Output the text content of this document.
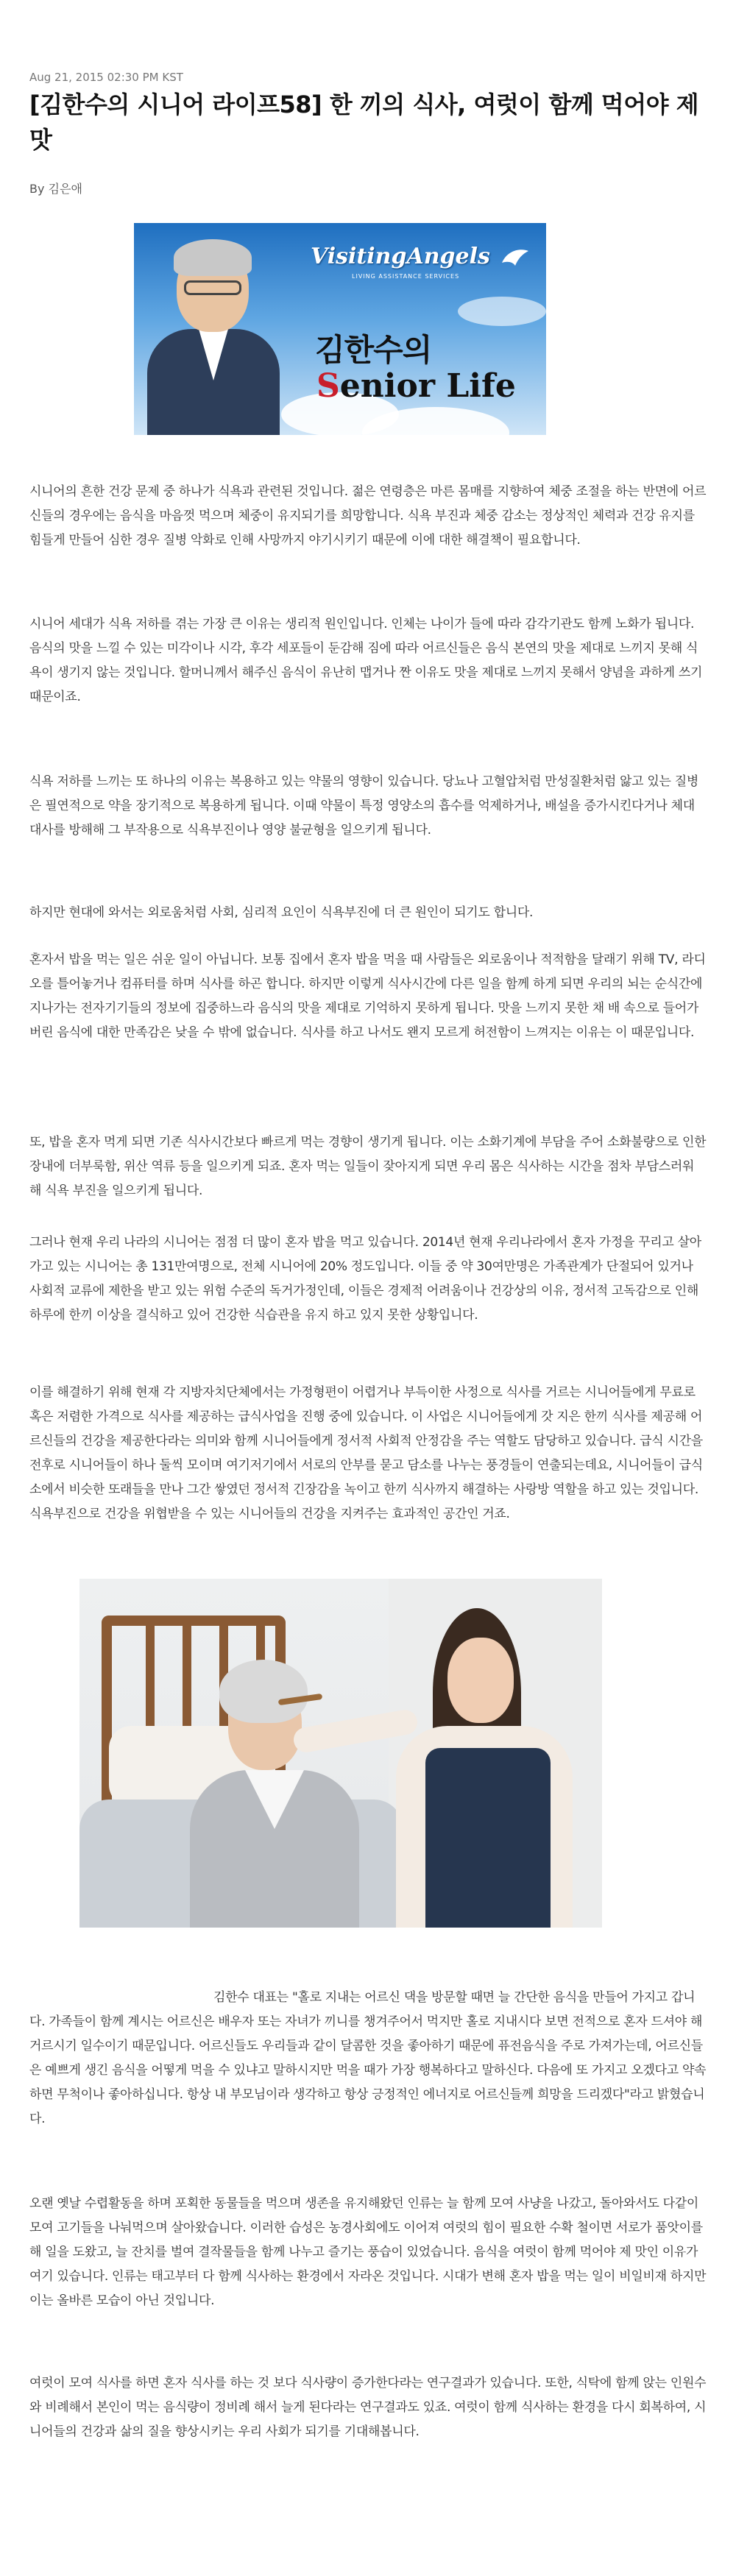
Aug 21, 2015 02:30 PM KST
[김한수의 시니어 라이프58] 한 끼의 식사, 여럿이 함께 먹어야 제 맛
By 김은애
VisitingAngels
LIVING ASSISTANCE SERVICES
김한수의
Senior Life

시니어의 흔한 건강 문제 중 하나가 식욕과 관련된 것입니다. 젊은 연령층은 마른 몸매를 지향하여 체중 조절을 하는 반면에 어르신들의 경우에는 음식을 마음껏 먹으며 체중이 유지되기를 희망합니다. 식욕 부진과 체중 감소는 정상적인 체력과 건강 유지를 힘들게 만들어 심한 경우 질병 악화로 인해 사망까지 야기시키기 때문에 이에 대한 해결책이 필요합니다.

시니어 세대가 식욕 저하를 겪는 가장 큰 이유는 생리적 원인입니다. 인체는 나이가 들에 따라 감각기관도 함께 노화가 됩니다. 음식의 맛을 느낄 수 있는 미각이나 시각, 후각 세포들이 둔감해 짐에 따라 어르신들은 음식 본연의 맛을 제대로 느끼지 못해 식욕이 생기지 않는 것입니다. 할머니께서 해주신 음식이 유난히 맵거나 짠 이유도 맛을 제대로 느끼지 못해서 양념을 과하게 쓰기 때문이죠.

식욕 저하를 느끼는 또 하나의 이유는 복용하고 있는 약물의 영향이 있습니다. 당뇨나 고혈압처럼 만성질환처럼 앓고 있는 질병은 필연적으로 약을 장기적으로 복용하게 됩니다. 이때 약물이 특정 영양소의 흡수를 억제하거나, 배설을 증가시킨다거나 체대 대사를 방해해 그 부작용으로 식욕부진이나 영양 불균형을 일으키게 됩니다.

하지만 현대에 와서는 외로움처럼 사회, 심리적 요인이 식욕부진에 더 큰 원인이 되기도 합니다.

혼자서 밥을 먹는 일은 쉬운 일이 아닙니다. 보통 집에서 혼자 밥을 먹을 때 사람들은 외로움이나 적적함을 달래기 위해 TV, 라디오를 틀어놓거나 컴퓨터를 하며 식사를 하곤 합니다. 하지만 이렇게 식사시간에 다른 일을 함께 하게 되면 우리의 뇌는 순식간에 지나가는 전자기기들의 정보에 집중하느라 음식의 맛을 제대로 기억하지 못하게 됩니다. 맛을 느끼지 못한 채 배 속으로 들어가버린 음식에 대한 만족감은 낮을 수 밖에 없습니다. 식사를 하고 나서도 왠지 모르게 허전함이 느껴지는 이유는 이 때문입니다.

또, 밥을 혼자 먹게 되면 기존 식사시간보다 빠르게 먹는 경향이 생기게 됩니다. 이는 소화기계에 부담을 주어 소화불량으로 인한 장내에 더부룩함, 위산 역류 등을 일으키게 되죠. 혼자 먹는 일들이 잦아지게 되면 우리 몸은 식사하는 시간을 점차 부담스러워 해 식욕 부진을 일으키게 됩니다.

그러나 현재 우리 나라의 시니어는 점점 더 많이 혼자 밥을 먹고 있습니다. 2014년 현재 우리나라에서 혼자 가정을 꾸리고 살아가고 있는 시니어는 총 131만여명으로, 전체 시니어에 20% 정도입니다. 이들 중 약 30여만명은 가족관계가 단절되어 있거나 사회적 교류에 제한을 받고 있는 위험 수준의 독거가정인데, 이들은 경제적 어려움이나 건강상의 이유, 정서적 고독감으로 인해 하루에 한끼 이상을 결식하고 있어 건강한 식습관을 유지 하고 있지 못한 상황입니다.

이를 해결하기 위해 현재 각 지방자치단체에서는 가정형편이 어렵거나 부득이한 사정으로 식사를 거르는 시니어들에게 무료로 혹은 저렴한 가격으로 식사를 제공하는 급식사업을 진행 중에 있습니다. 이 사업은 시니어들에게 갓 지은 한끼 식사를 제공해 어르신들의 건강을 제공한다라는 의미와 함께 시니어들에게 정서적 사회적 안정감을 주는 역할도 담당하고 있습니다. 급식 시간을 전후로 시니어들이 하나 둘씩 모이며 여기저기에서 서로의 안부를 묻고 담소를 나누는 풍경들이 연출되는데요, 시니어들이 급식소에서 비슷한 또래들을 만나 그간 쌓였던 정서적 긴장감을 녹이고 한끼 식사까지 해결하는 사랑방 역할을 하고 있는 것입니다. 식욕부진으로 건강을 위협받을 수 있는 시니어들의 건강을 지켜주는 효과적인 공간인 거죠.

김한수 대표는 "홀로 지내는 어르신 댁을 방문할 때면 늘 간단한 음식을 만들어 가지고 갑니다. 가족들이 함께 계시는 어르신은 배우자 또는 자녀가 끼니를 챙겨주어서 먹지만 홀로 지내시다 보면 전적으로 혼자 드셔야 해 거르시기 일수이기 때문입니다. 어르신들도 우리들과 같이 달콤한 것을 좋아하기 때문에 퓨전음식을 주로 가져가는데, 어르신들은 예쁘게 생긴 음식을 어떻게 먹을 수 있냐고 말하시지만 먹을 때가 가장 행복하다고 말하신다. 다음에 또 가지고 오겠다고 약속하면 무척이나 좋아하십니다. 항상 내 부모님이라 생각하고 항상 긍정적인 에너지로 어르신들께 희망을 드리겠다"라고 밝혔습니다.

오랜 옛날 수렵활동을 하며 포획한 동물들을 먹으며 생존을 유지해왔던 인류는 늘 함께 모여 사냥을 나갔고, 돌아와서도 다같이 모여 고기들을 나눠먹으며 살아왔습니다. 이러한 습성은 농경사회에도 이어져 여럿의 힘이 필요한 수확 철이면 서로가 품앗이를 해 일을 도왔고, 늘 잔치를 벌여 결작물들을 함께 나누고 즐기는 풍습이 있었습니다. 음식을 여럿이 함께 먹어야 제 맛인 이유가 여기 있습니다. 인류는 태고부터 다 함께 식사하는 환경에서 자라온 것입니다. 시대가 변해 혼자 밥을 먹는 일이 비일비재 하지만 이는 올바른 모습이 아닌 것입니다.

여럿이 모여 식사를 하면 혼자 식사를 하는 것 보다 식사량이 증가한다라는 연구결과가 있습니다. 또한, 식탁에 함께 앉는 인원수와 비례해서 본인이 먹는 음식량이 정비례 해서 늘게 된다라는 연구결과도 있죠. 여럿이 함께 식사하는 환경을 다시 회복하여, 시니어들의 건강과 삶의 질을 향상시키는 우리 사회가 되기를 기대해봅니다.
